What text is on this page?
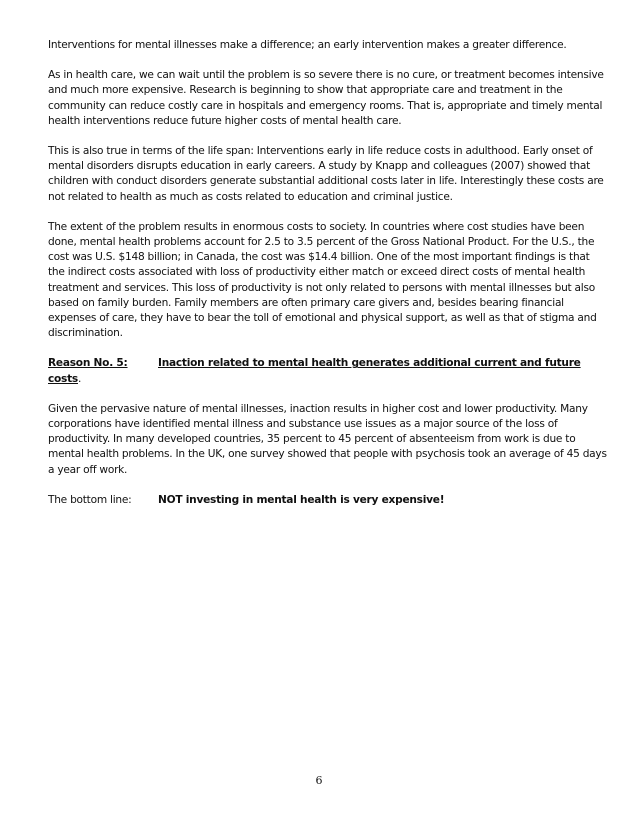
Interventions for mental illnesses make a difference; an early intervention makes a greater difference.

As in health care, we can wait until the problem is so severe there is no cure, or treatment becomes intensive and much more expensive. Research is beginning to show that appropriate care and treatment in the community can reduce costly care in hospitals and emergency rooms. That is, appropriate and timely mental health interventions reduce future higher costs of mental health care.

This is also true in terms of the life span: Interventions early in life reduce costs in adulthood. Early onset of mental disorders disrupts education in early careers. A study by Knapp and colleagues (2007) showed that children with conduct disorders generate substantial additional costs later in life. Interestingly these costs are not related to health as much as costs related to education and criminal justice.

The extent of the problem results in enormous costs to society. In countries where cost studies have been done, mental health problems account for 2.5 to 3.5 percent of the Gross National Product. For the U.S., the cost was U.S. $148 billion; in Canada, the cost was $14.4 billion. One of the most important findings is that the indirect costs associated with loss of productivity either match or exceed direct costs of mental health treatment and services. This loss of productivity is not only related to persons with mental illnesses but also based on family burden. Family members are often primary care givers and, besides bearing financial expenses of care, they have to bear the toll of emotional and physical support, as well as that of stigma and discrimination.

Reason No. 5:	Inaction related to mental health generates additional current and future costs.

Given the pervasive nature of mental illnesses, inaction results in higher cost and lower productivity. Many corporations have identified mental illness and substance use issues as a major source of the loss of productivity. In many developed countries, 35 percent to 45 percent of absenteeism from work is due to mental health problems. In the UK, one survey showed that people with psychosis took an average of 45 days a year off work.

The bottom line:	NOT investing in mental health is very expensive!

6
